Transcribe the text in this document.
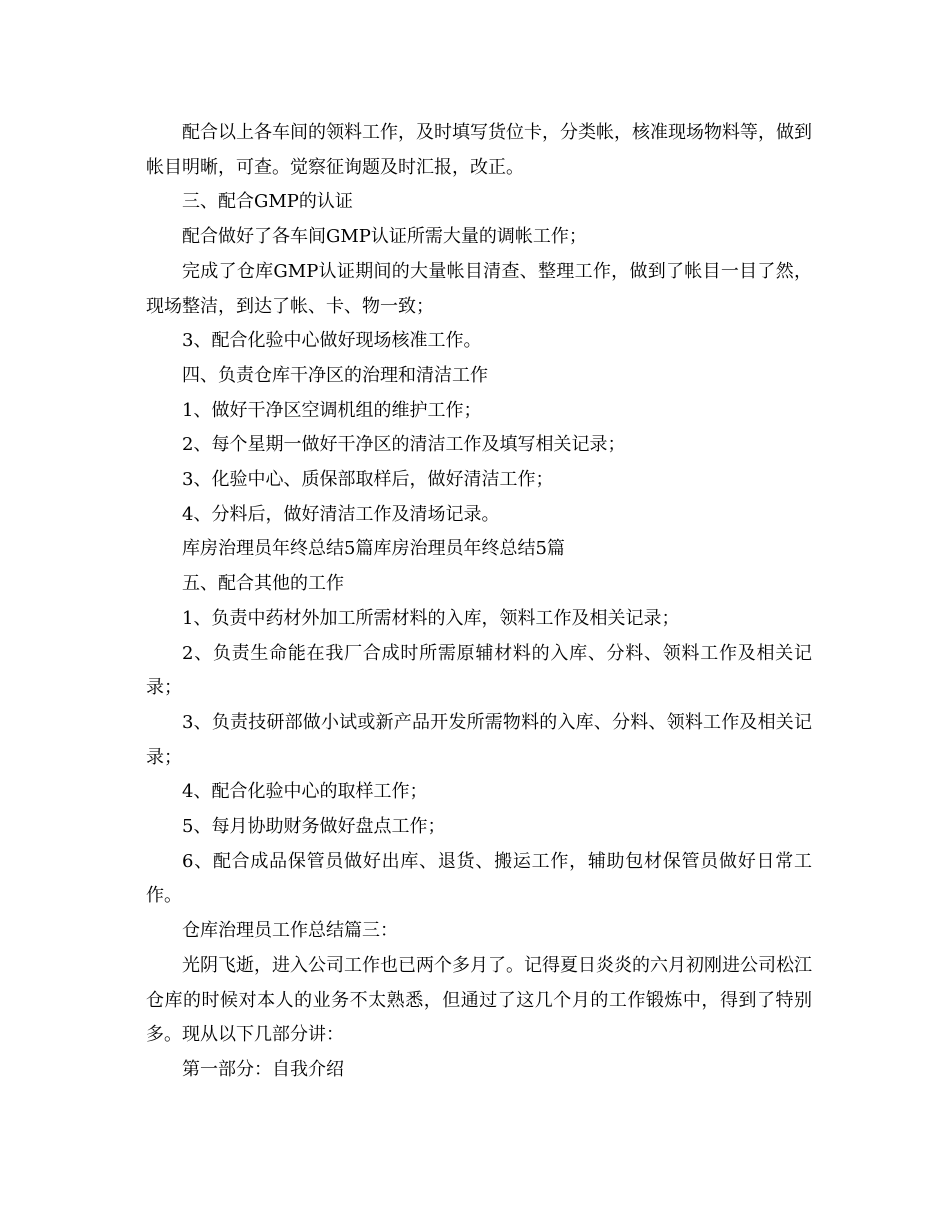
配合以上各车间的领料工作，及时填写货位卡，分类帐，核准现场物料等，做到帐目明晰，可查。觉察征询题及时汇报，改正。

三、配合GMP的认证

配合做好了各车间GMP认证所需大量的调帐工作；

完成了仓库GMP认证期间的大量帐目清查、整理工作，做到了帐目一目了然，现场整洁，到达了帐、卡、物一致；

3、配合化验中心做好现场核准工作。

四、负责仓库干净区的治理和清洁工作

1、做好干净区空调机组的维护工作；

2、每个星期一做好干净区的清洁工作及填写相关记录；

3、化验中心、质保部取样后，做好清洁工作；

4、分料后，做好清洁工作及清场记录。

库房治理员年终总结5篇库房治理员年终总结5篇

五、配合其他的工作

1、负责中药材外加工所需材料的入库，领料工作及相关记录；

2、负责生命能在我厂合成时所需原辅材料的入库、分料、领料工作及相关记录；

3、负责技研部做小试或新产品开发所需物料的入库、分料、领料工作及相关记录；

4、配合化验中心的取样工作；

5、每月协助财务做好盘点工作；

6、配合成品保管员做好出库、退货、搬运工作，辅助包材保管员做好日常工作。

仓库治理员工作总结篇三：

光阴飞逝，进入公司工作也已两个多月了。记得夏日炎炎的六月初刚进公司松江仓库的时候对本人的业务不太熟悉，但通过了这几个月的工作锻炼中，得到了特别多。现从以下几部分讲：

第一部分：自我介绍
